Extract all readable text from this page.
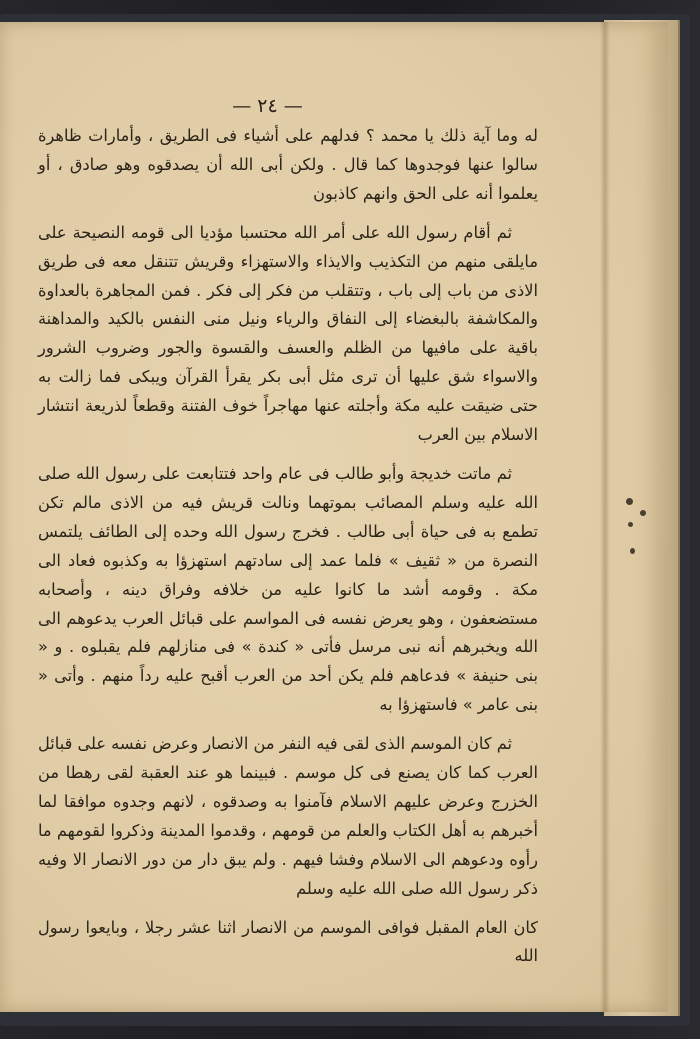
— ٢٤ —

له وما آية ذلك يا محمد ؟ فدلهم على أشياء فى الطريق ، وأمارات ظاهرة سالوا عنها فوجدوها كما قال . ولكن أبى الله أن يصدقوه وهو صادق ، أو يعلموا أنه على الحق وانهم كاذبون

ثم أقام رسول الله على أمر الله محتسبا مؤديا الى قومه النصيحة على مايلقى منهم من التكذيب والايذاء والاستهزاء وقريش تتنقل معه فى طريق الاذى من باب إلى باب ، وتتقلب من فكر إلى فكر . فمن المجاهرة بالعداوة والمكاشفة بالبغضاء إلى النفاق والرياء ونيل منى النفس بالكيد والمداهنة باقية على مافيها من الظلم والعسف والقسوة والجور وضروب الشرور والاسواء شق عليها أن ترى مثل أبى بكر يقرأ القرآن ويبكى فما زالت به حتى ضيقت عليه مكة وأجلته عنها مهاجراً خوف الفتنة وقطعاً لذريعة انتشار الاسلام بين العرب

ثم ماتت خديجة وأبو طالب فى عام واحد فتتابعت على رسول الله صلى الله عليه وسلم المصائب بموتهما ونالت قريش فيه من الاذى مالم تكن تطمع به فى حياة أبى طالب . فخرج رسول الله وحده إلى الطائف يلتمس النصرة من « ثقيف » فلما عمد إلى سادتهم استهزؤا به وكذبوه فعاد الى مكة . وقومه أشد ما كانوا عليه من خلافه وفراق دينه ، وأصحابه مستضعفون ، وهو يعرض نفسه فى المواسم على قبائل العرب يدعوهم الى الله ويخبرهم أنه نبى مرسل فأتى « كندة » فى منازلهم فلم يقبلوه . و « بنى حنيفة » فدعاهم فلم يكن أحد من العرب أقبح عليه رداً منهم . وأتى « بنى عامر » فاستهزؤا به

ثم كان الموسم الذى لقى فيه النفر من الانصار وعرض نفسه على قبائل العرب كما كان يصنع فى كل موسم . فبينما هو عند العقبة لقى رهطا من الخزرج وعرض عليهم الاسلام فآمنوا به وصدقوه ، لانهم وجدوه موافقا لما أخبرهم به أهل الكتاب والعلم من قومهم ، وقدموا المدينة وذكروا لقومهم ما رأوه ودعوهم الى الاسلام وفشا فيهم . ولم يبق دار من دور الانصار الا وفيه ذكر رسول الله صلى الله عليه وسلم

كان العام المقبل فوافى الموسم من الانصار اثنا عشر رجلا ، وبايعوا رسول الله
